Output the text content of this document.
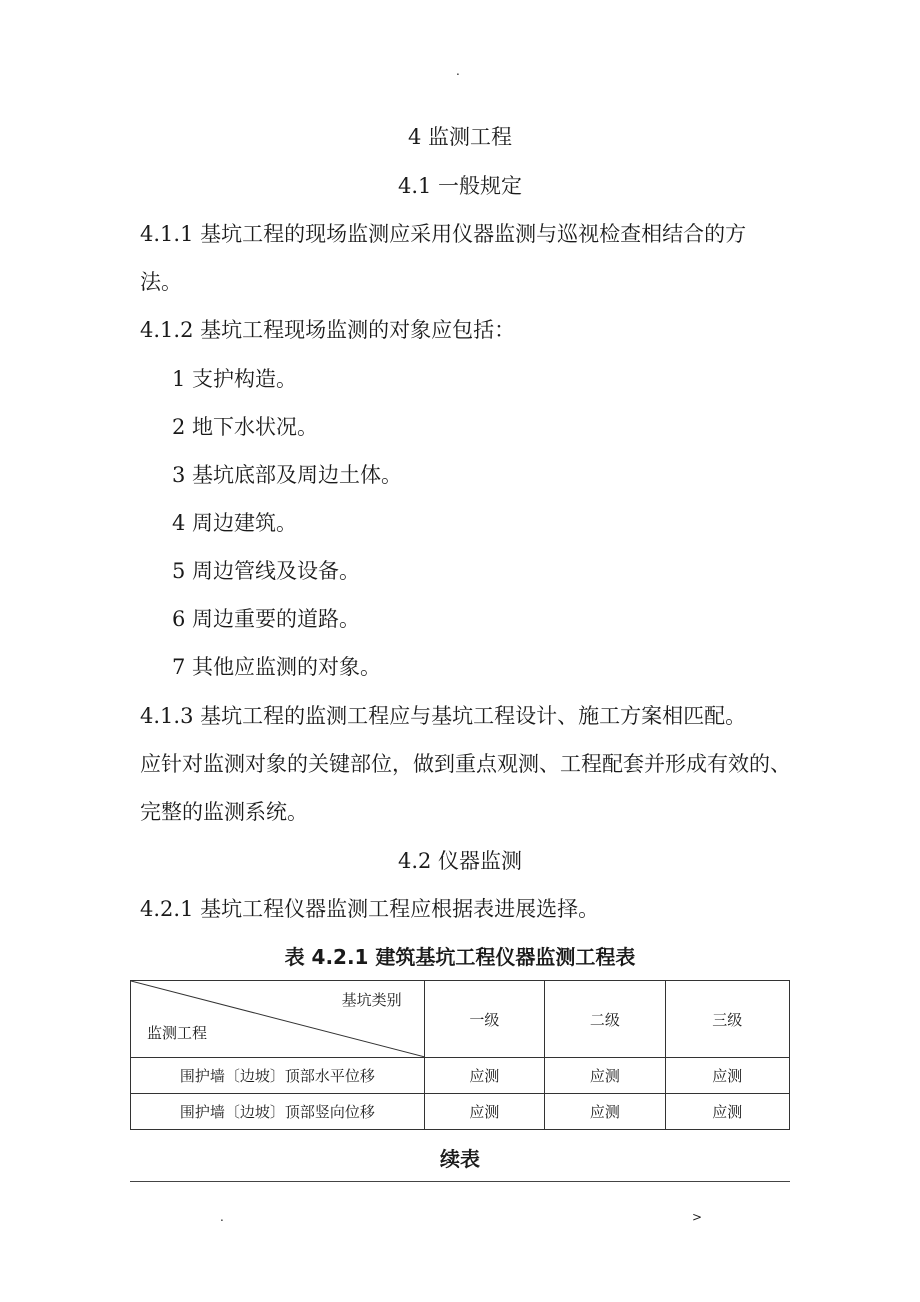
.
4 监测工程
4.1 一般规定
4.1.1 基坑工程的现场监测应采用仪器监测与巡视检查相结合的方
法。
4.1.2 基坑工程现场监测的对象应包括：
1 支护构造。
2 地下水状况。
3 基坑底部及周边土体。
4 周边建筑。
5 周边管线及设备。
6 周边重要的道路。
7 其他应监测的对象。
4.1.3 基坑工程的监测工程应与基坑工程设计、施工方案相匹配。
应针对监测对象的关键部位，做到重点观测、工程配套并形成有效的、
完整的监测系统。
4.2 仪器监测
4.2.1 基坑工程仪器监测工程应根据表进展选择。
表 4.2.1 建筑基坑工程仪器监测工程表
基坑类别
监测工程	一级	二级	三级
围护墙〔边坡〕顶部水平位移	应测	应测	应测
围护墙〔边坡〕顶部竖向位移	应测	应测	应测
续表
.	>
